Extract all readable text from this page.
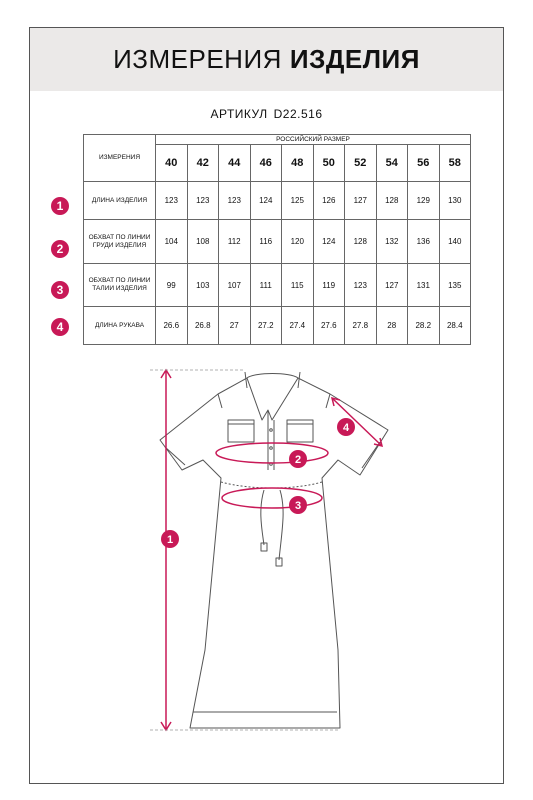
ИЗМЕРЕНИЯ ИЗДЕЛИЯ
АРТИКУЛ D22.516
ИЗМЕРЕНИЯ	РОССИЙСКИЙ РАЗМЕР									
	40	42	44	46	48	50	52	54	56	58
ДЛИНА ИЗДЕЛИЯ	123	123	123	124	125	126	127	128	129	130
ОБХВАТ ПО ЛИНИИ ГРУДИ ИЗДЕЛИЯ	104	108	112	116	120	124	128	132	136	140
ОБХВАТ ПО ЛИНИИ ТАЛИИ ИЗДЕЛИЯ	99	103	107	111	115	119	123	127	131	135
ДЛИНА РУКАВА	26.6	26.8	27	27.2	27.4	27.6	27.8	28	28.2	28.4
1
2
3
4
1
2
3
4
